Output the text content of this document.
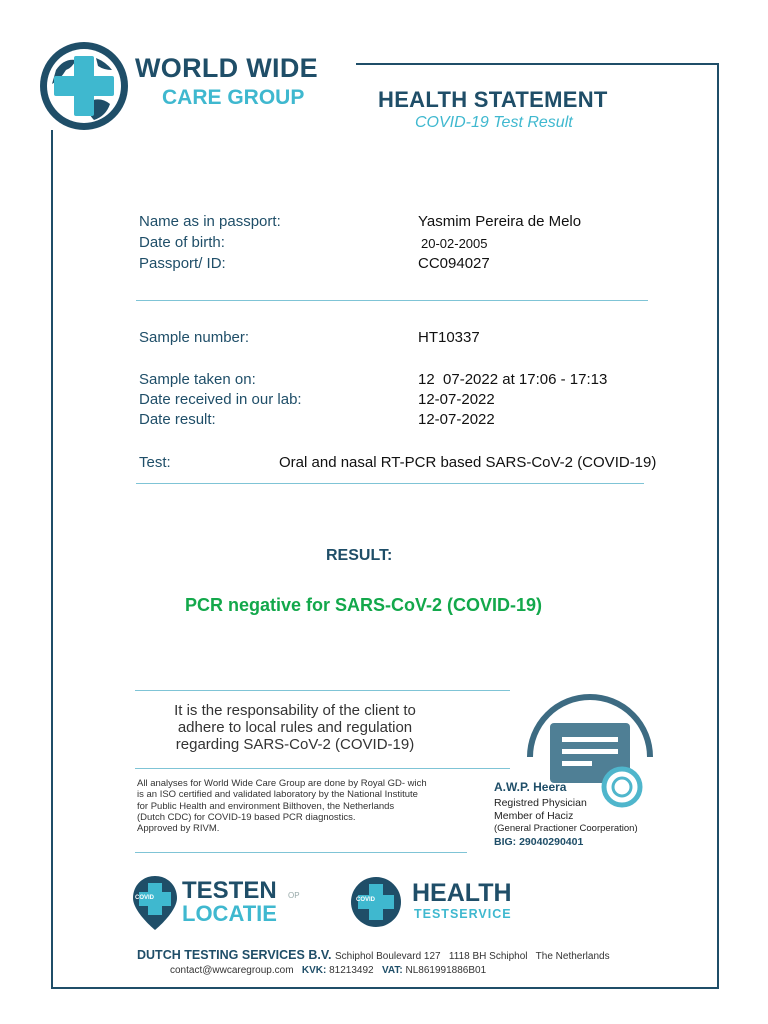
WORLD WIDE
CARE GROUP	HEALTH STATEMENT
COVID-19 Test Result
Name as in passport:	Yasmim Pereira de Melo
Date of birth:	20-02-2005
Passport/ ID:	CC094027
Sample number:	HT10337
Sample taken on:	12  07-2022 at 17:06 - 17:13
Date received in our lab:	12-07-2022
Date result:	12-07-2022
Test:	Oral and nasal RT-PCR based SARS-CoV-2 (COVID-19)
RESULT:
PCR negative for SARS-CoV-2 (COVID-19)
It is the responsability of the client to
adhere to local rules and regulation
regarding SARS-CoV-2 (COVID-19)
All analyses for World Wide Care Group are done by Royal GD- wich
is an ISO certified and validated laboratory by the National Institute
for Public Health and environment Bilthoven, the Netherlands
(Dutch CDC) for COVID-19 based PCR diagnostics.
Approved by RIVM.
A.W.P. Heera
Registred Physician
Member of Haciz
(General Practioner Coorperation)
BIG: 29040290401
COVID TESTEN OP
LOCATIE
COVID HEALTH
TESTSERVICE
DUTCH TESTING SERVICES B.V. Schiphol Boulevard 127   1118 BH Schiphol   The Netherlands
contact@wwcaregroup.com KVK: 81213492 VAT: NL861991886B01
